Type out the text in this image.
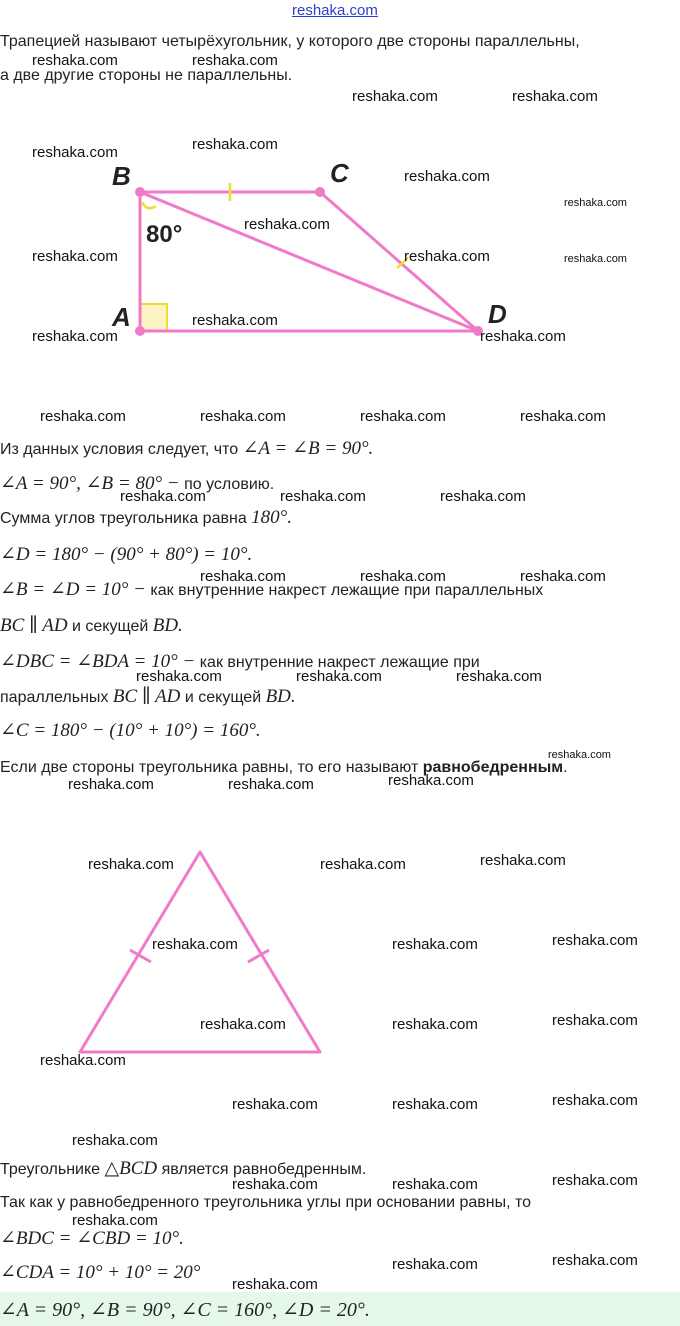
reshaka.com
Трапецией называют четырёхугольник, у которого две стороны параллельны,
а две другие стороны не параллельны.
B	C
A	D
80°
Из данных условия следует, что ∠A = ∠B = 90°.
∠A = 90°, ∠B = 80° − по условию.
Сумма углов треугольника равна 180°.
∠D = 180° − (90° + 80°) = 10°.
∠B = ∠D = 10° − как внутренние накрест лежащие при параллельных
BC ∥ AD и секущей BD.
∠DBC = ∠BDA = 10° − как внутренние накрест лежащие при
параллельных BC ∥ AD и секущей BD.
∠C = 180° − (10° + 10°) = 160°.
Если две стороны треугольника равны, то его называют равнобедренным.
Треугольнике △BCD является равнобедренным.
Так как у равнобедренного треугольника углы при основании равны, то
∠BDC = ∠CBD = 10°.
∠CDA = 10° + 10° = 20°
∠A = 90°, ∠B = 90°, ∠C = 160°, ∠D = 20°.
reshaka.com	reshaka.com
reshaka.com	reshaka.com
reshaka.com	reshaka.com
reshaka.com
reshaka.com
reshaka.com
reshaka.com	reshaka.com	reshaka.com
reshaka.com
reshaka.com	reshaka.com
reshaka.com	reshaka.com	reshaka.com	reshaka.com
reshaka.com	reshaka.com	reshaka.com
reshaka.com	reshaka.com	reshaka.com
reshaka.com	reshaka.com	reshaka.com
reshaka.com
reshaka.com	reshaka.com	reshaka.com
reshaka.com	reshaka.com	reshaka.com
reshaka.com	reshaka.com	reshaka.com
reshaka.com	reshaka.com	reshaka.com
reshaka.com
reshaka.com	reshaka.com	reshaka.com
reshaka.com
reshaka.com	reshaka.com	reshaka.com
reshaka.com
reshaka.com	reshaka.com
reshaka.com
